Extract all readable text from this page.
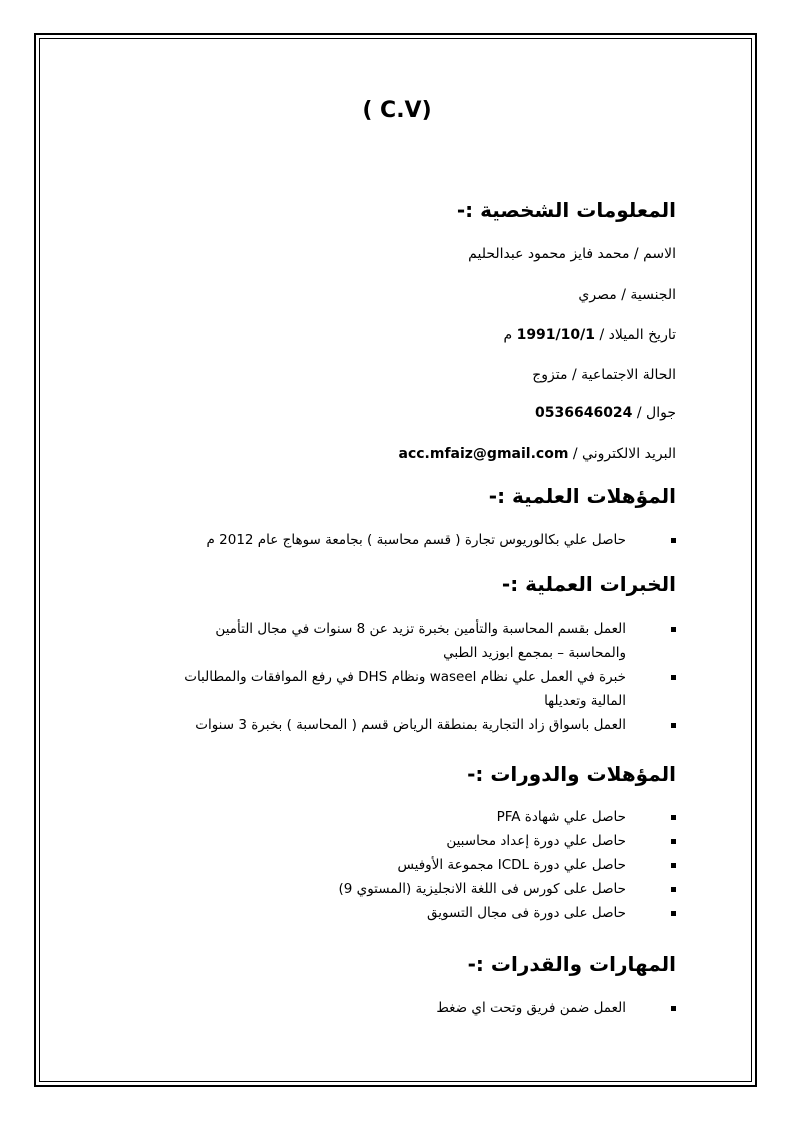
( C.V)
المعلومات الشخصية :-
الاسم / محمد فايز محمود عبدالحليم
الجنسية / مصري
تاريخ الميلاد / 1991/10/1 م
الحالة الاجتماعية / متزوج
جوال / 0536646024
البريد الالكتروني / acc.mfaiz@gmail.com
المؤهلات العلمية :-
حاصل علي بكالوريوس تجارة ( قسم محاسبة ) بجامعة سوهاج عام 2012 م
الخبرات العملية :-
العمل بقسم المحاسبة والتأمين بخبرة تزيد عن 8 سنوات في مجال التأمين والمحاسبة – بمجمع ابوزيد الطبي
خبرة في العمل علي نظام waseel ونظام DHS في رفع الموافقات والمطالبات المالية وتعديلها
العمل باسواق زاد التجارية بمنطقة الرياض قسم ( المحاسبة ) بخبرة 3 سنوات
المؤهلات والدورات :-
حاصل علي شهادة PFA
حاصل علي دورة إعداد محاسبين
حاصل علي دورة ICDL مجموعة الأوفيس
حاصل على كورس فى اللغة الانجليزية (المستوي 9)
حاصل على دورة فى مجال التسويق
المهارات والقدرات :-
العمل ضمن فريق وتحت اي ضغط
